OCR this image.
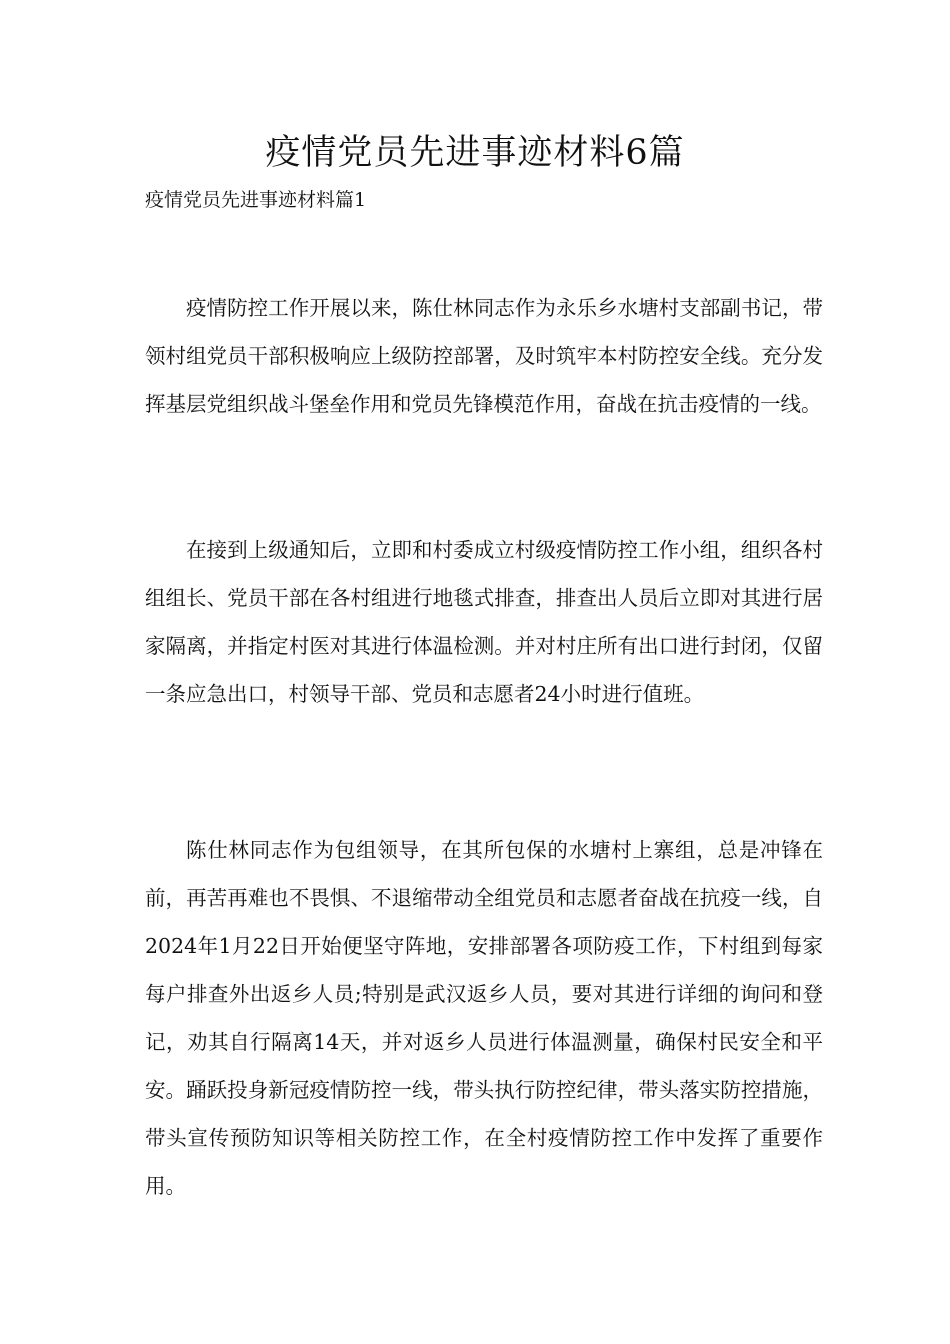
疫情党员先进事迹材料6篇
疫情党员先进事迹材料篇1

疫情防控工作开展以来，陈仕林同志作为永乐乡水塘村支部副书记，带领村组党员干部积极响应上级防控部署，及时筑牢本村防控安全线。充分发挥基层党组织战斗堡垒作用和党员先锋模范作用，奋战在抗击疫情的一线。

在接到上级通知后，立即和村委成立村级疫情防控工作小组，组织各村组组长、党员干部在各村组进行地毯式排查，排查出人员后立即对其进行居家隔离，并指定村医对其进行体温检测。并对村庄所有出口进行封闭，仅留一条应急出口，村领导干部、党员和志愿者24小时进行值班。

陈仕林同志作为包组领导，在其所包保的水塘村上寨组，总是冲锋在前，再苦再难也不畏惧、不退缩带动全组党员和志愿者奋战在抗疫一线，自2024年1月22日开始便坚守阵地，安排部署各项防疫工作，下村组到每家每户排查外出返乡人员;特别是武汉返乡人员，要对其进行详细的询问和登记，劝其自行隔离14天，并对返乡人员进行体温测量，确保村民安全和平安。踊跃投身新冠疫情防控一线，带头执行防控纪律，带头落实防控措施，带头宣传预防知识等相关防控工作，在全村疫情防控工作中发挥了重要作用。
